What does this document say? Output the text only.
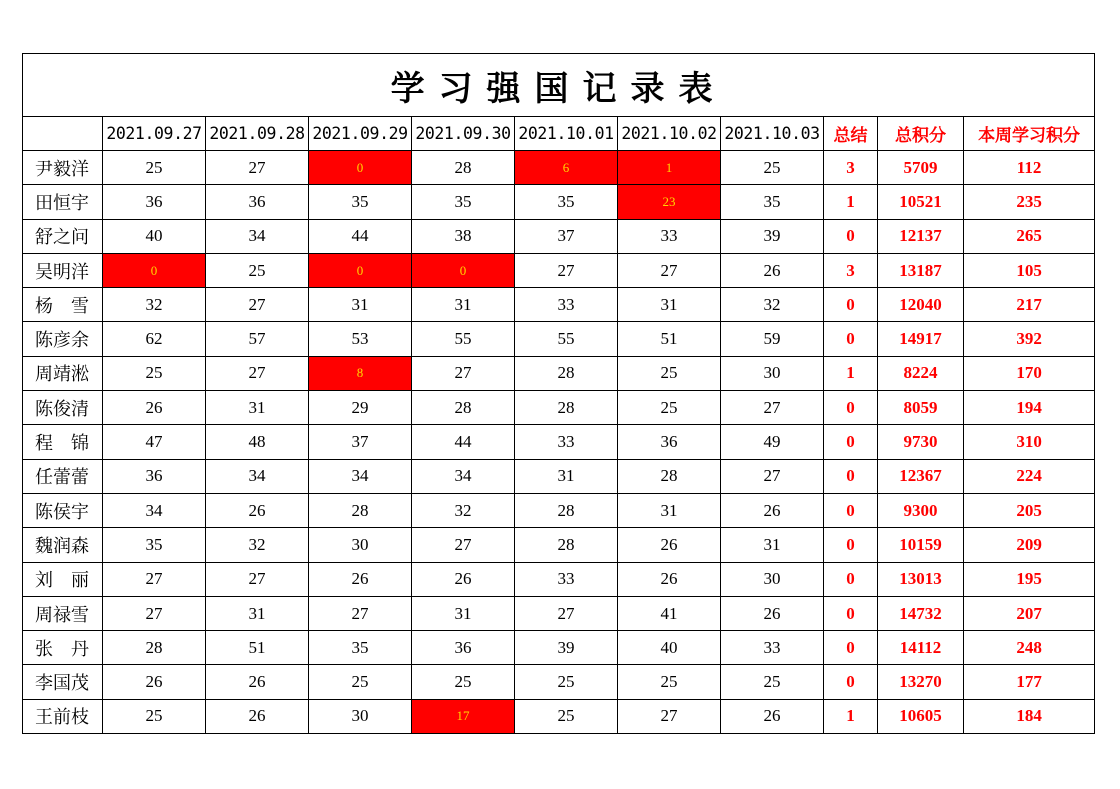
学习强国记录表										
	2021.09.27	2021.09.28	2021.09.29	2021.09.30	2021.10.01	2021.10.02	2021.10.03	总结	总积分	本周学习积分
尹毅洋	25	27	0	28	6	1	25	3	5709	112
田恒宇	36	36	35	35	35	23	35	1	10521	235
舒之问	40	34	44	38	37	33	39	0	12137	265
吴明洋	0	25	0	0	27	27	26	3	13187	105
杨　雪	32	27	31	31	33	31	32	0	12040	217
陈彦余	62	57	53	55	55	51	59	0	14917	392
周靖淞	25	27	8	27	28	25	30	1	8224	170
陈俊清	26	31	29	28	28	25	27	0	8059	194
程　锦	47	48	37	44	33	36	49	0	9730	310
任蕾蕾	36	34	34	34	31	28	27	0	12367	224
陈侯宇	34	26	28	32	28	31	26	0	9300	205
魏润森	35	32	30	27	28	26	31	0	10159	209
刘　丽	27	27	26	26	33	26	30	0	13013	195
周禄雪	27	31	27	31	27	41	26	0	14732	207
张　丹	28	51	35	36	39	40	33	0	14112	248
李国茂	26	26	25	25	25	25	25	0	13270	177
王前枝	25	26	30	17	25	27	26	1	10605	184
